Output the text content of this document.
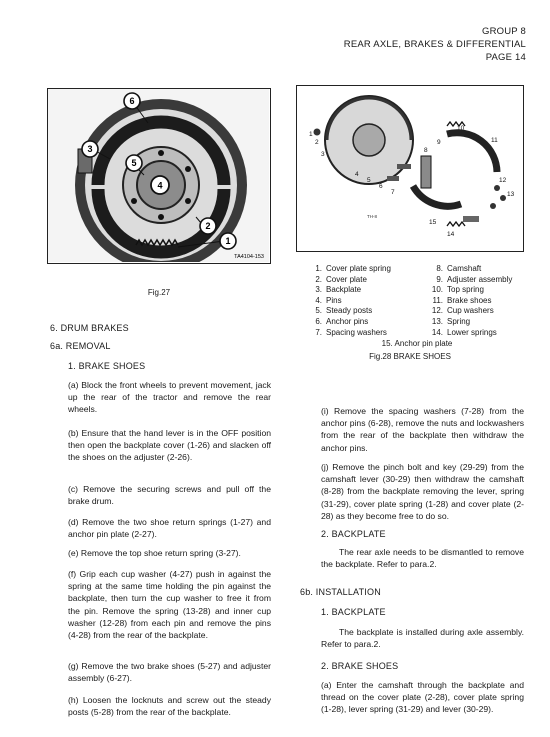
GROUP 8
REAR AXLE, BRAKES & DIFFERENTIAL
PAGE 14
6
3
5
4
2
1
TA4104-153
Fig.27
TH-8
1
2
3
4
5
6
7
8
9
10
11
12
13
14
15
1. Cover plate spring	8. Camshaft
2. Cover plate	9. Adjuster assembly
3. Backplate	10. Top spring
4. Pins	11. Brake shoes
5. Steady posts	12. Cup washers
6. Anchor pins	13. Spring
7. Spacing washers	14. Lower springs
15. Anchor pin plate
Fig.28 BRAKE SHOES
6. DRUM BRAKES
6a. REMOVAL
1. BRAKE SHOES
(a) Block the front wheels to prevent movement, jack up the rear of the tractor and remove the rear wheels.
(b) Ensure that the hand lever is in the OFF position then open the backplate cover (1-26) and slacken off the shoes on the adjuster (2-26).
(c) Remove the securing screws and pull off the brake drum.
(d) Remove the two shoe return springs (1-27) and anchor pin plate (2-27).
(e) Remove the top shoe return spring (3-27).
(f) Grip each cup washer (4-27) push in against the spring at the same time holding the pin against the backplate, then turn the cup washer to free it from the pin. Remove the spring (13-28) and inner cup washer (12-28) from each pin and remove the pins (4-28) from the rear of the backplate.
(g) Remove the two brake shoes (5-27) and adjuster assembly (6-27).
(h) Loosen the locknuts and screw out the steady posts (5-28) from the rear of the backplate.
(i) Remove the spacing washers (7-28) from the anchor pins (6-28), remove the nuts and lockwashers from the rear of the backplate then withdraw the anchor pins.
(j) Remove the pinch bolt and key (29-29) from the camshaft lever (30-29) then withdraw the camshaft (8-28) from the backplate removing the lever, spring (31-29), cover plate spring (1-28) and cover plate (2-28) as they become free to do so.
2. BACKPLATE
The rear axle needs to be dismantled to remove the backplate. Refer to para.2.
6b. INSTALLATION
1. BACKPLATE
The backplate is installed during axle assembly. Refer to para.2.
2. BRAKE SHOES
(a) Enter the camshaft through the backplate and thread on the cover plate (2-28), cover plate spring (1-28), lever spring (31-29) and lever (30-29).
